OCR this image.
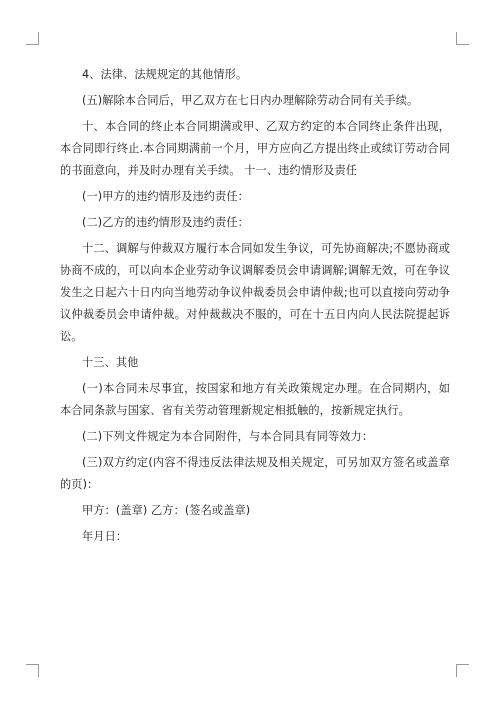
4、法律、法规规定的其他情形。

(五)解除本合同后，甲乙双方在七日内办理解除劳动合同有关手续。

十、本合同的终止本合同期满或甲、乙双方约定的本合同终止条件出现，本合同即行终止.本合同期满前一个月，甲方应向乙方提出终止或续订劳动合同的书面意向，并及时办理有关手续。 十一、违约情形及责任

(一)甲方的违约情形及违约责任：

(二)乙方的违约情形及违约责任：

十二、调解与仲裁双方履行本合同如发生争议，可先协商解决;不愿协商或协商不成的，可以向本企业劳动争议调解委员会申请调解;调解无效，可在争议发生之日起六十日内向当地劳动争议仲裁委员会申请仲裁;也可以直接向劳动争议仲裁委员会申请仲裁。对仲裁裁决不服的，可在十五日内向人民法院提起诉讼。

十三、其他

(一)本合同未尽事宜，按国家和地方有关政策规定办理。在合同期内，如本合同条款与国家、省有关劳动管理新规定相抵触的，按新规定执行。

(二)下列文件规定为本合同附件，与本合同具有同等效力：

(三)双方约定(内容不得违反法律法规及相关规定，可另加双方签名或盖章的页)：

甲方：(盖章) 乙方：(签名或盖章)

年月日：
